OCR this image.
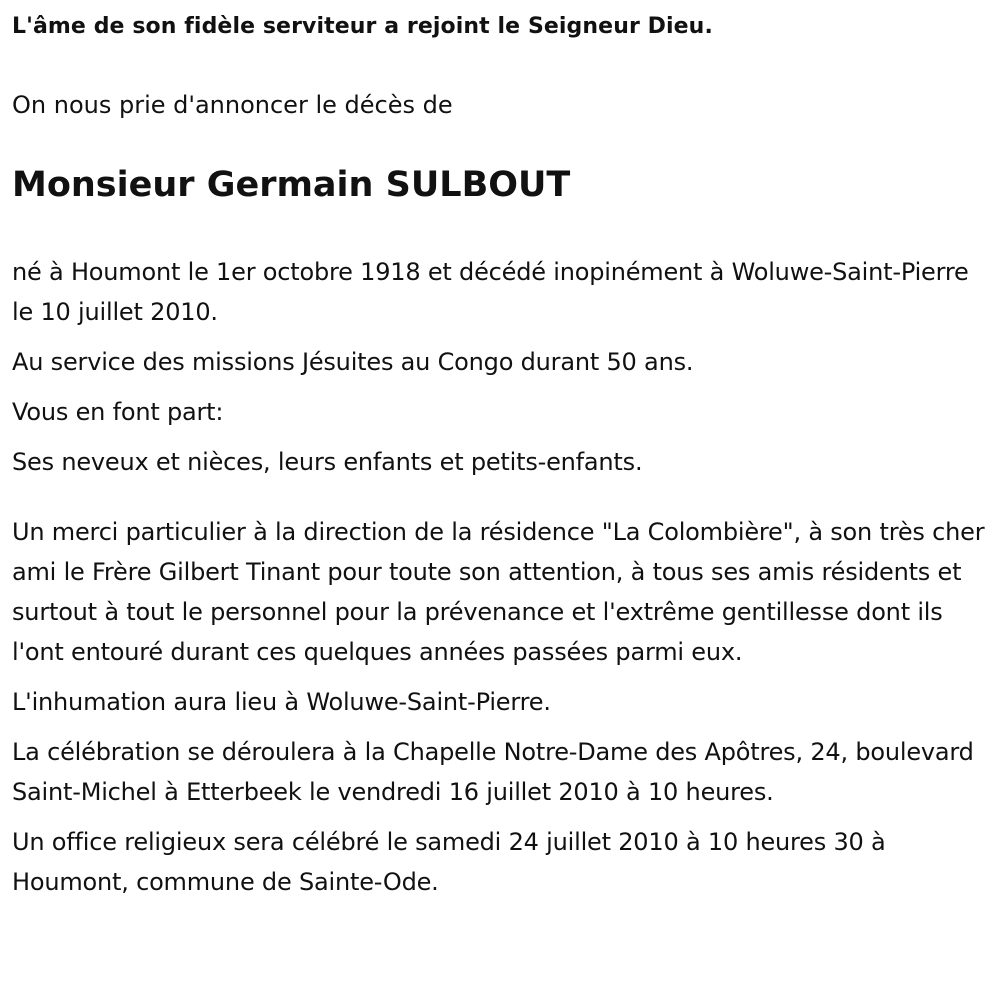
L'âme de son fidèle serviteur a rejoint le Seigneur Dieu.

On nous prie d'annoncer le décès de

Monsieur Germain SULBOUT

né à Houmont le 1er octobre 1918 et décédé inopinément à Woluwe-Saint-Pierre le 10 juillet 2010.

Au service des missions Jésuites au Congo durant 50 ans.

Vous en font part:

Ses neveux et nièces, leurs enfants et petits-enfants.

Un merci particulier à la direction de la résidence "La Colombière", à son très cher ami le Frère Gilbert Tinant pour toute son attention, à tous ses amis résidents et surtout à tout le personnel pour la prévenance et l'extrême gentillesse dont ils l'ont entouré durant ces quelques années passées parmi eux.

L'inhumation aura lieu à Woluwe-Saint-Pierre.

La célébration se déroulera à la Chapelle Notre-Dame des Apôtres, 24, boulevard Saint-Michel à Etterbeek le vendredi 16 juillet 2010 à 10 heures.

Un office religieux sera célébré le samedi 24 juillet 2010 à 10 heures 30 à Houmont, commune de Sainte-Ode.
